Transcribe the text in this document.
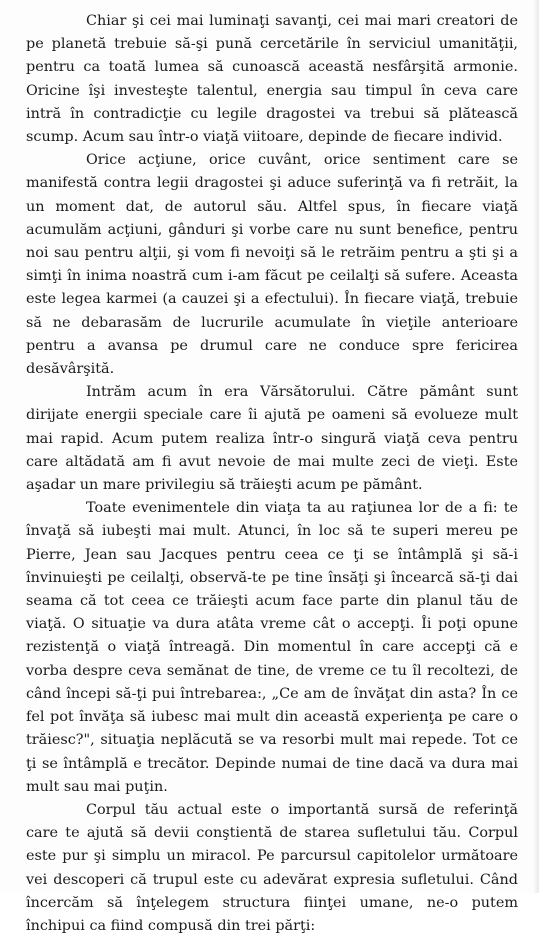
Chiar şi cei mai luminaţi savanţi, cei mai mari creatori de pe planetă trebuie să-şi pună cercetările în serviciul umanităţii, pentru ca toată lumea să cunoască această nesfârşită armonie. Oricine îşi investeşte talentul, energia sau timpul în ceva care intră în contradicţie cu legile dragostei va trebui să plătească scump. Acum sau într-o viaţă viitoare, depinde de fiecare individ.

Orice acţiune, orice cuvânt, orice sentiment care se manifestă contra legii dragostei şi aduce suferinţă va fi retrăit, la un moment dat, de autorul său. Altfel spus, în fiecare viaţă acumulăm acţiuni, gânduri şi vorbe care nu sunt benefice, pentru noi sau pentru alţii, şi vom fi nevoiţi să le retrăim pentru a şti şi a simţi în inima noastră cum i-am făcut pe ceilalţi să sufere. Aceasta este legea karmei (a cauzei şi a efectului). În fiecare viaţă, trebuie să ne debarasăm de lucrurile acumulate în vieţile anterioare pentru a avansa pe drumul care ne conduce spre fericirea desăvârşită.

Intrăm acum în era Vărsătorului. Către pământ sunt dirijate energii speciale care îi ajută pe oameni să evolueze mult mai rapid. Acum putem realiza într-o singură viaţă ceva pentru care altădată am fi avut nevoie de mai multe zeci de vieţi. Este aşadar un mare privilegiu să trăieşti acum pe pământ.

Toate evenimentele din viaţa ta au raţiunea lor de a fi: te învaţă să iubeşti mai mult. Atunci, în loc să te superi mereu pe Pierre, Jean sau Jacques pentru ceea ce ţi se întâmplă şi să-i învinuieşti pe ceilalţi, observă-te pe tine însăţi şi încearcă să-ţi dai seama că tot ceea ce trăieşti acum face parte din planul tău de viaţă. O situaţie va dura atâta vreme cât o accepţi. Îi poţi opune rezistenţă o viaţă întreagă. Din momentul în care accepţi că e vorba despre ceva semănat de tine, de vreme ce tu îl recoltezi, de când începi să-ţi pui întrebarea:, „Ce am de învăţat din asta? În ce fel pot învăţa să iubesc mai mult din această experienţa pe care o trăiesc?", situaţia neplăcută se va resorbi mult mai repede. Tot ce ţi se întâmplă e trecător. Depinde numai de tine dacă va dura mai mult sau mai puţin.

Corpul tău actual este o importantă sursă de referinţă care te ajută să devii conştientă de starea sufletului tău. Corpul este pur şi simplu un miracol. Pe parcursul capitolelor următoare vei descoperi că trupul este cu adevărat expresia sufletului. Când încercăm să înţelegem structura fiinţei umane, ne-o putem închipui ca fiind compusă din trei părţi:
